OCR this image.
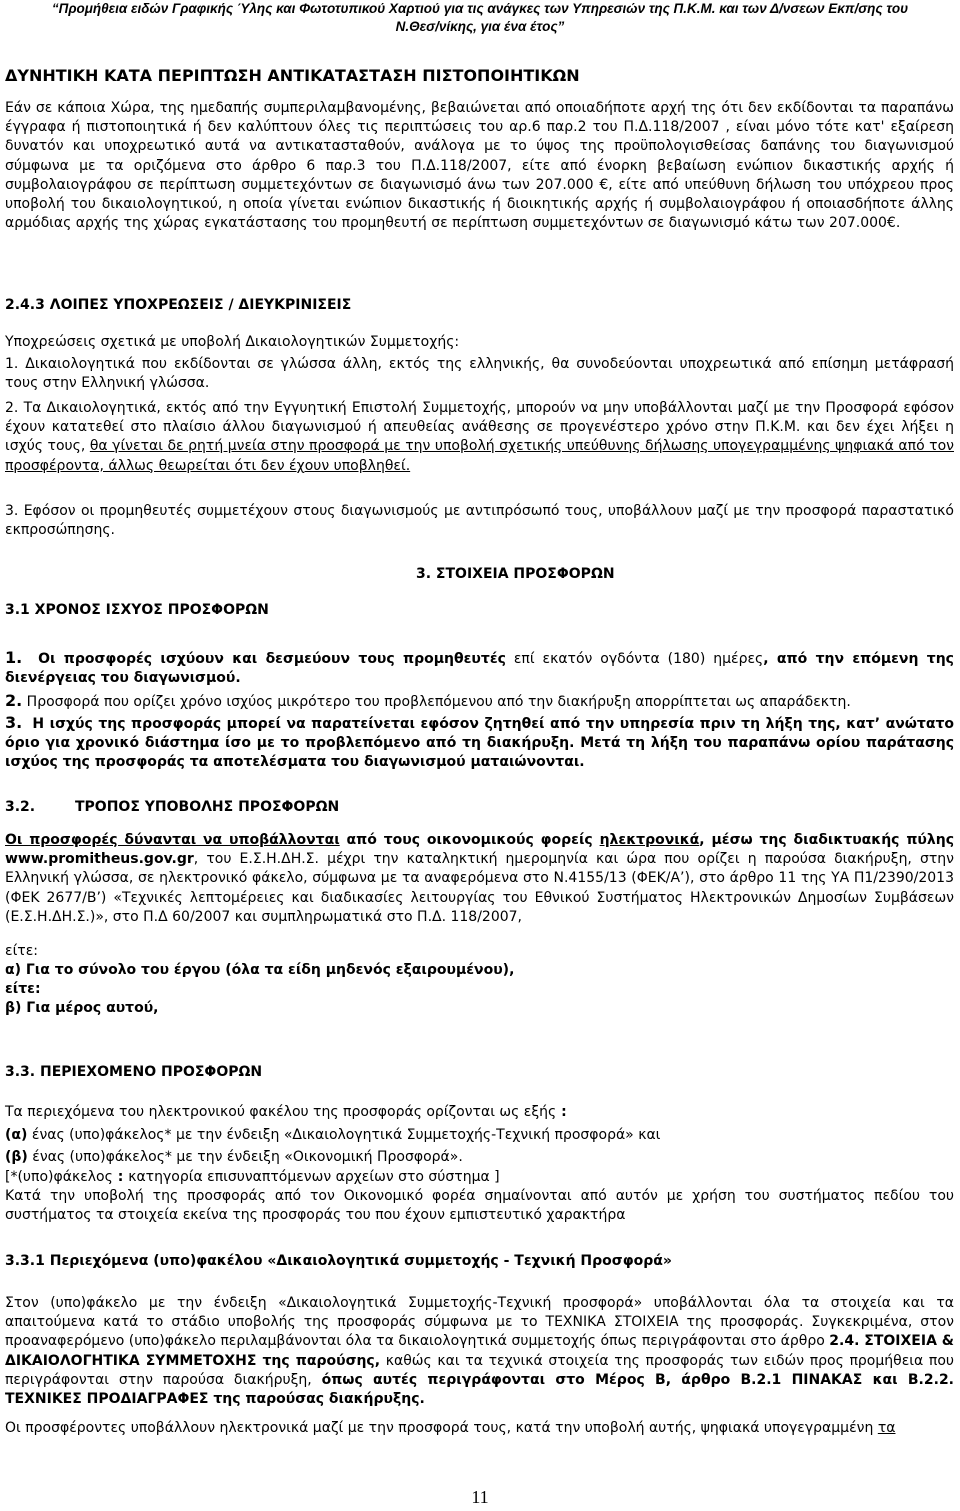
“Προμήθεια ειδών Γραφικής Ύλης και Φωτοτυπικού Χαρτιού για τις ανάγκες των Υπηρεσιών της Π.Κ.Μ. και των Δ/νσεων Εκπ/σης του
Ν.Θεσ/νίκης, για ένα έτος”
ΔΥΝΗΤΙΚΗ ΚΑΤΑ ΠΕΡΙΠΤΩΣΗ ΑΝΤΙΚΑΤΑΣΤΑΣΗ ΠΙΣΤΟΠΟΙΗΤΙΚΩΝ
Εάν σε κάποια Χώρα, της ημεδαπής συμπεριλαμβανομένης, βεβαιώνεται από οποιαδήποτε αρχή της ότι δεν εκδίδονται τα παραπάνω έγγραφα ή πιστοποιητικά ή δεν καλύπτουν όλες τις περιπτώσεις του αρ.6 παρ.2 του Π.Δ.118/2007 , είναι μόνο τότε κατ' εξαίρεση δυνατόν και υποχρεωτικό αυτά να αντικατασταθούν, ανάλογα με το ύψος της προϋπολογισθείσας δαπάνης του διαγωνισμού σύμφωνα με τα οριζόμενα στο άρθρο 6 παρ.3 του Π.Δ.118/2007, είτε από ένορκη βεβαίωση ενώπιον δικαστικής αρχής ή συμβολαιογράφου σε περίπτωση συμμετεχόντων σε διαγωνισμό άνω των 207.000 €, είτε από υπεύθυνη δήλωση του υπόχρεου προς υποβολή του δικαιολογητικού, η οποία γίνεται ενώπιον δικαστικής ή διοικητικής αρχής ή συμβολαιογράφου ή οποιασδήποτε άλλης αρμόδιας αρχής της χώρας εγκατάστασης του προμηθευτή σε περίπτωση συμμετεχόντων σε διαγωνισμό κάτω των 207.000€.
2.4.3 ΛΟΙΠΕΣ ΥΠΟΧΡΕΩΣΕΙΣ / ΔΙΕΥΚΡΙΝΙΣΕΙΣ
Υποχρεώσεις σχετικά με υποβολή Δικαιολογητικών Συμμετοχής:
1. Δικαιολογητικά που εκδίδονται σε γλώσσα άλλη, εκτός της ελληνικής, θα συνοδεύονται υποχρεωτικά από επίσημη μετάφρασή τους στην Ελληνική γλώσσα.
2. Τα Δικαιολογητικά, εκτός από την Εγγυητική Επιστολή Συμμετοχής, μπορούν να μην υποβάλλονται μαζί με την Προσφορά εφόσον έχουν κατατεθεί στο πλαίσιο άλλου διαγωνισμού ή απευθείας ανάθεσης σε προγενέστερο χρόνο στην Π.Κ.Μ. και δεν έχει λήξει η ισχύς τους, θα γίνεται δε ρητή μνεία στην προσφορά με την υποβολή σχετικής υπεύθυνης δήλωσης υπογεγραμμένης ψηφιακά από τον προσφέροντα, άλλως θεωρείται ότι δεν έχουν υποβληθεί.
3. Εφόσον οι προμηθευτές συμμετέχουν στους διαγωνισμούς με αντιπρόσωπό τους, υποβάλλουν μαζί με την προσφορά παραστατικό εκπροσώπησης.
3. ΣΤΟΙΧΕΙΑ ΠΡΟΣΦΟΡΩΝ
3.1 ΧΡΟΝΟΣ ΙΣΧΥΟΣ ΠΡΟΣΦΟΡΩΝ
1. Οι προσφορές ισχύουν και δεσμεύουν τους προμηθευτές επί εκατόν ογδόντα (180) ημέρες, από την επόμενη της διενέργειας του διαγωνισμού.
2. Προσφορά που ορίζει χρόνο ισχύος μικρότερο του προβλεπόμενου από την διακήρυξη απορρίπτεται ως απαράδεκτη.
3. Η ισχύς της προσφοράς μπορεί να παρατείνεται εφόσον ζητηθεί από την υπηρεσία πριν τη λήξη της, κατ’ ανώτατο όριο για χρονικό διάστημα ίσο με το προβλεπόμενο από τη διακήρυξη. Μετά τη λήξη του παραπάνω ορίου παράτασης ισχύος της προσφοράς τα αποτελέσματα του διαγωνισμού ματαιώνονται.
3.2.	ΤΡΟΠΟΣ ΥΠΟΒΟΛΗΣ ΠΡΟΣΦΟΡΩΝ
Οι προσφορές δύνανται να υποβάλλονται από τους οικονομικούς φορείς ηλεκτρονικά, μέσω της διαδικτυακής πύλης www.promitheus.gov.gr, του Ε.Σ.Η.ΔΗ.Σ. μέχρι την καταληκτική ημερομηνία και ώρα που ορίζει η παρούσα διακήρυξη, στην Ελληνική γλώσσα, σε ηλεκτρονικό φάκελο, σύμφωνα με τα αναφερόμενα στο Ν.4155/13 (ΦΕΚ/Α’), στο άρθρο 11 της ΥΑ Π1/2390/2013 (ΦΕΚ 2677/Β’) «Τεχνικές λεπτομέρειες και διαδικασίες λειτουργίας του Εθνικού Συστήματος Ηλεκτρονικών Δημοσίων Συμβάσεων (Ε.Σ.Η.ΔΗ.Σ.)», στο Π.Δ 60/2007 και συμπληρωματικά στο Π.Δ. 118/2007,
είτε:
α) Για το σύνολο του έργου (όλα τα είδη μηδενός εξαιρουμένου),
είτε:
β) Για μέρος αυτού,
3.3. ΠΕΡΙΕΧΟΜΕΝΟ ΠΡΟΣΦΟΡΩΝ
Τα περιεχόμενα του ηλεκτρονικού φακέλου της προσφοράς ορίζονται ως εξής :
(α) ένας (υπο)φάκελος* με την ένδειξη «Δικαιολογητικά Συμμετοχής-Τεχνική προσφορά» και
(β) ένας (υπο)φάκελος* με την ένδειξη «Οικονομική Προσφορά».
[*(υπο)φάκελος : κατηγορία επισυναπτόμενων αρχείων στο σύστημα ]
Κατά την υποβολή της προσφοράς από τον Οικονομικό φορέα σημαίνονται από αυτόν με χρήση του συστήματος πεδίου του συστήματος τα στοιχεία εκείνα της προσφοράς του που έχουν εμπιστευτικό χαρακτήρα
3.3.1 Περιεχόμενα (υπο)φακέλου «Δικαιολογητικά συμμετοχής - Τεχνική Προσφορά»
Στον (υπο)φάκελο με την ένδειξη «Δικαιολογητικά Συμμετοχής-Τεχνική προσφορά» υποβάλλονται όλα τα στοιχεία και τα απαιτούμενα κατά το στάδιο υποβολής της προσφοράς σύμφωνα με το ΤΕΧΝΙΚΑ ΣΤΟΙΧΕΙΑ της προσφοράς. Συγκεκριμένα, στον προαναφερόμενο (υπο)φάκελο περιλαμβάνονται όλα τα δικαιολογητικά συμμετοχής όπως περιγράφονται στο άρθρο 2.4. ΣΤΟΙΧΕΙΑ & ΔΙΚΑΙΟΛΟΓΗΤΙΚΑ ΣΥΜΜΕΤΟΧΗΣ της παρούσης, καθώς και τα τεχνικά στοιχεία της προσφοράς των ειδών προς προμήθεια που περιγράφονται στην παρούσα διακήρυξη, όπως αυτές περιγράφονται στο Μέρος Β, άρθρο Β.2.1 ΠΙΝΑΚΑΣ και Β.2.2. ΤΕΧΝΙΚΕΣ ΠΡΟΔΙΑΓΡΑΦΕΣ της παρούσας διακήρυξης.
Οι προσφέροντες υποβάλλουν ηλεκτρονικά μαζί με την προσφορά τους, κατά την υποβολή αυτής, ψηφιακά υπογεγραμμένη τα
11
